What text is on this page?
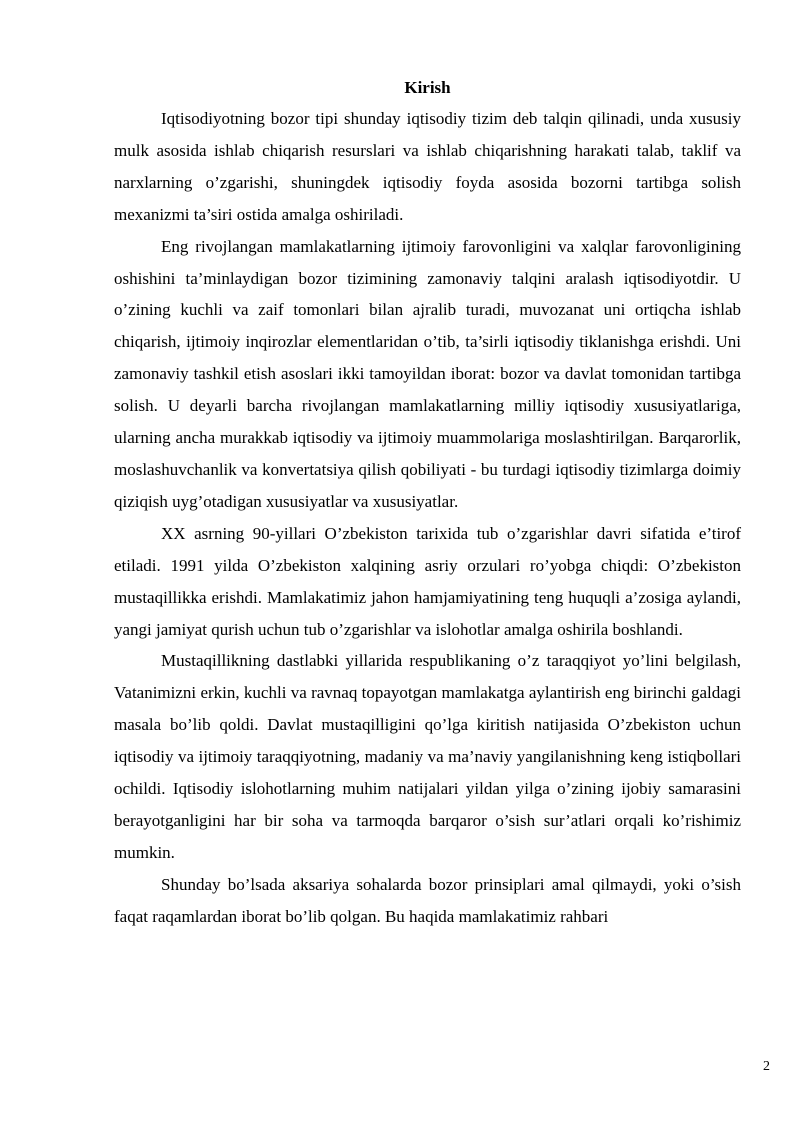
Kirish

Iqtisodiyotning bozor tipi shunday iqtisodiy tizim deb talqin qilinadi, unda xususiy mulk asosida ishlab chiqarish resurslari va ishlab chiqarishning harakati talab, taklif va narxlarning o’zgarishi, shuningdek iqtisodiy foyda asosida bozorni tartibga solish mexanizmi ta’siri ostida amalga oshiriladi.

Eng rivojlangan mamlakatlarning ijtimoiy farovonligini va xalqlar farovonligining oshishini ta’minlaydigan bozor tizimining zamonaviy talqini aralash iqtisodiyotdir. U o’zining kuchli va zaif tomonlari bilan ajralib turadi, muvozanat uni ortiqcha ishlab chiqarish, ijtimoiy inqirozlar elementlaridan o’tib, ta’sirli iqtisodiy tiklanishga erishdi. Uni zamonaviy tashkil etish asoslari ikki tamoyildan iborat: bozor va davlat tomonidan tartibga solish. U deyarli barcha rivojlangan mamlakatlarning milliy iqtisodiy xususiyatlariga, ularning ancha murakkab iqtisodiy va ijtimoiy muammolariga moslashtirilgan. Barqarorlik, moslashuvchanlik va konvertatsiya qilish qobiliyati - bu turdagi iqtisodiy tizimlarga doimiy qiziqish uyg’otadigan xususiyatlar va xususiyatlar.

XX asrning 90-yillari O’zbekiston tarixida tub o’zgarishlar davri sifatida e’tirof etiladi. 1991 yilda O’zbekiston xalqining asriy orzulari ro’yobga chiqdi: O’zbekiston mustaqillikka erishdi. Mamlakatimiz jahon hamjamiyatining teng huquqli a’zosiga aylandi, yangi jamiyat qurish uchun tub o’zgarishlar va islohotlar amalga oshirila boshlandi.

Mustaqillikning dastlabki yillarida respublikaning o’z taraqqiyot yo’lini belgilash, Vatanimizni erkin, kuchli va ravnaq topayotgan mamlakatga aylantirish eng birinchi galdagi masala bo’lib qoldi. Davlat mustaqilligini qo’lga kiritish natijasida O’zbekiston uchun iqtisodiy va ijtimoiy taraqqiyotning, madaniy va ma’naviy yangilanishning keng istiqbollari ochildi. Iqtisodiy islohotlarning muhim natijalari yildan yilga o’zining ijobiy samarasini berayotganligini har bir soha va tarmoqda barqaror o’sish sur’atlari orqali ko’rishimiz mumkin.

Shunday bo’lsada aksariya sohalarda bozor prinsiplari amal qilmaydi, yoki o’sish faqat raqamlardan iborat bo’lib qolgan. Bu haqida mamlakatimiz rahbari

2
